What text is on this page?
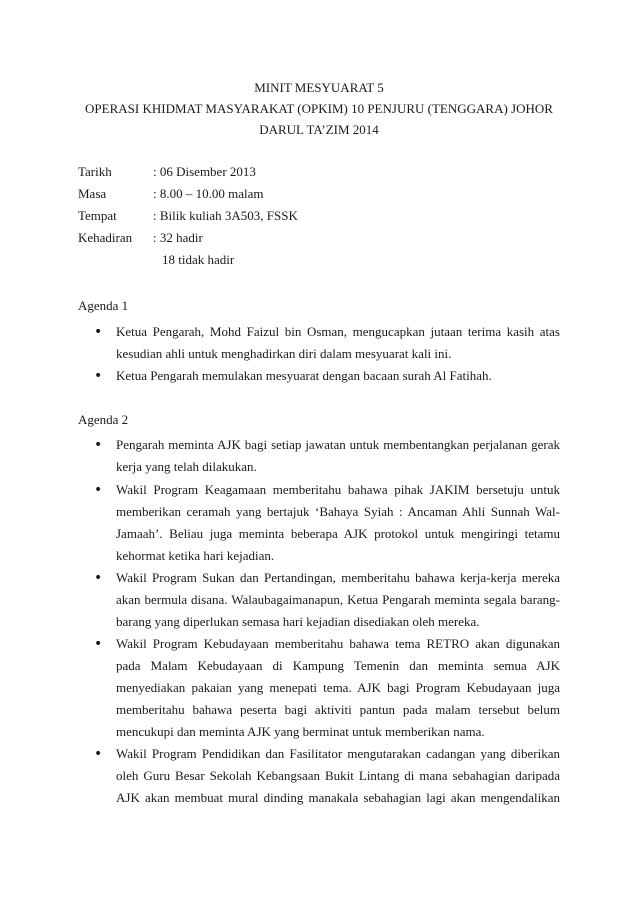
MINIT MESYUARAT 5
OPERASI KHIDMAT MASYARAKAT (OPKIM) 10 PENJURU (TENGGARA) JOHOR
DARUL TA’ZIM 2014
Tarikh	: 06 Disember 2013
Masa	: 8.00 – 10.00 malam
Tempat	: Bilik kuliah 3A503, FSSK
Kehadiran : 32 hadir
18 tidak hadir
Agenda 1
• Ketua Pengarah, Mohd Faizul bin Osman, mengucapkan jutaan terima kasih atas
kesudian ahli untuk menghadirkan diri dalam mesyuarat kali ini.
• Ketua Pengarah memulakan mesyuarat dengan bacaan surah Al Fatihah.
Agenda 2
• Pengarah meminta AJK bagi setiap jawatan untuk membentangkan perjalanan gerak
kerja yang telah dilakukan.
• Wakil Program Keagamaan memberitahu bahawa pihak JAKIM bersetuju untuk
memberikan ceramah yang bertajuk ‘Bahaya Syiah : Ancaman Ahli Sunnah Wal-
Jamaah’. Beliau juga meminta beberapa AJK protokol untuk mengiringi tetamu
kehormat ketika hari kejadian.
• Wakil Program Sukan dan Pertandingan, memberitahu bahawa kerja-kerja mereka
akan bermula disana. Walaubagaimanapun, Ketua Pengarah meminta segala barang-
barang yang diperlukan semasa hari kejadian disediakan oleh mereka.
• Wakil Program Kebudayaan memberitahu bahawa tema RETRO akan digunakan
pada Malam Kebudayaan di Kampung Temenin dan meminta semua AJK
menyediakan pakaian yang menepati tema. AJK bagi Program Kebudayaan juga
memberitahu bahawa peserta bagi aktiviti pantun pada malam tersebut belum
mencukupi dan meminta AJK yang berminat untuk memberikan nama.
• Wakil Program Pendidikan dan Fasilitator mengutarakan cadangan yang diberikan
oleh Guru Besar Sekolah Kebangsaan Bukit Lintang di mana sebahagian daripada
AJK akan membuat mural dinding manakala sebahagian lagi akan mengendalikan
